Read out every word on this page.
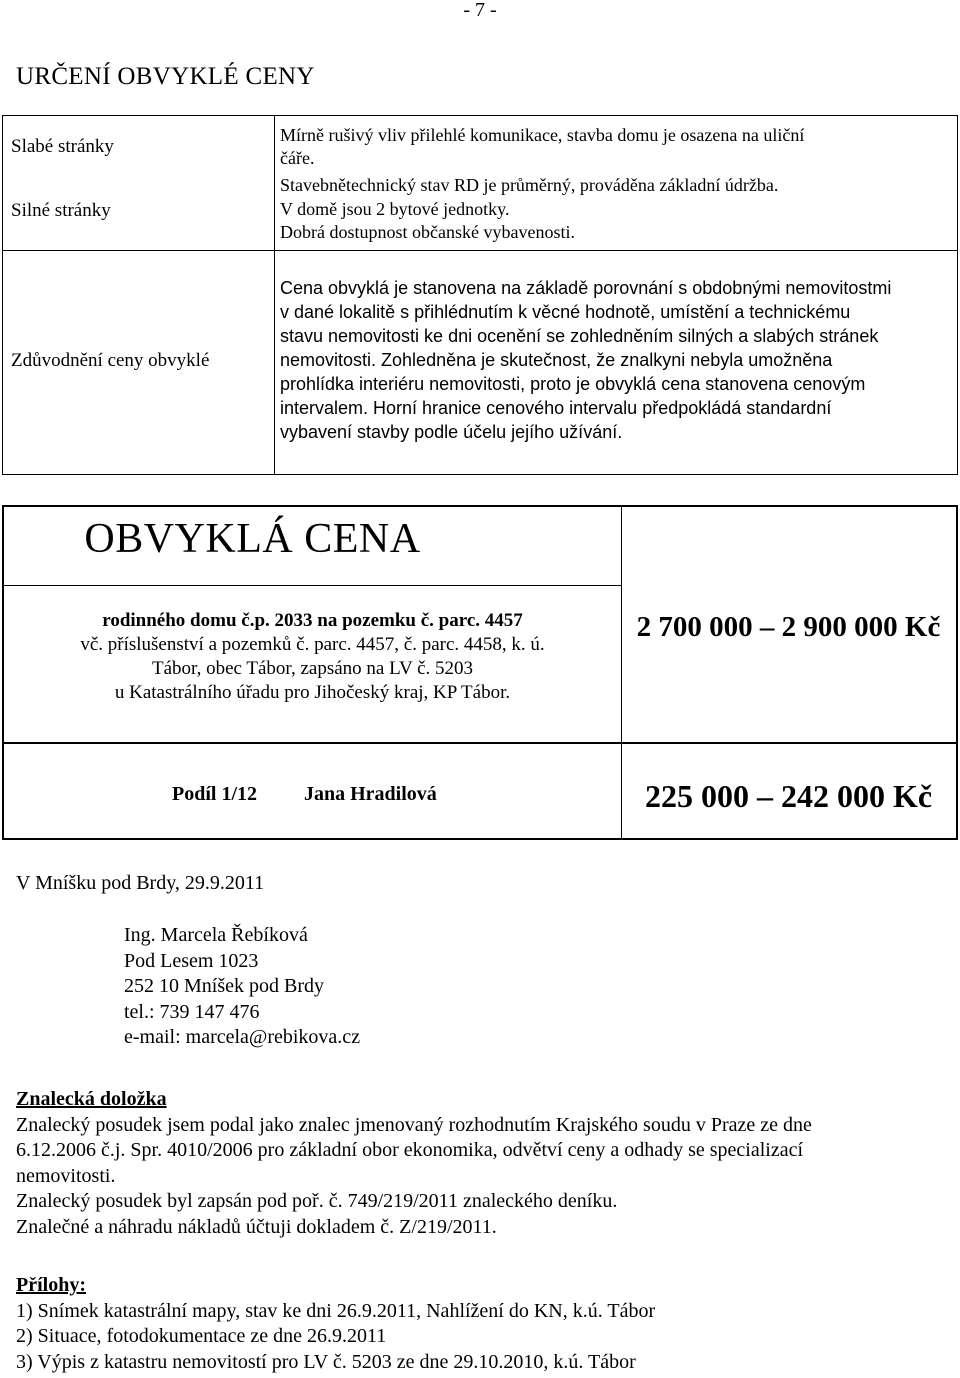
- 7 -
URČENÍ OBVYKLÉ CENY
Slabé stránky
Mírně rušivý vliv přilehlé komunikace, stavba domu je osazena na uliční
čáře.
Silné stránky
Stavebnětechnický stav RD je průměrný, prováděna základní údržba.
V domě jsou 2 bytové jednotky.
Dobrá dostupnost občanské vybavenosti.
Zdůvodnění ceny obvyklé
Cena obvyklá je stanovena na základě porovnání s obdobnými nemovitostmi
v dané lokalitě s přihlédnutím k věcné hodnotě, umístění a technickému
stavu nemovitosti ke dni ocenění se zohledněním silných a slabých stránek
nemovitosti. Zohledněna je skutečnost, že znalkyni nebyla umožněna
prohlídka interiéru nemovitosti, proto je obvyklá cena stanovena cenovým
intervalem. Horní hranice cenového intervalu předpokládá standardní
vybavení stavby podle účelu jejího užívání.
OBVYKLÁ CENA
rodinného domu č.p. 2033 na pozemku č. parc. 4457
vč. příslušenství a pozemků č. parc. 4457, č. parc. 4458, k. ú.
Tábor, obec Tábor, zapsáno na LV č. 5203
u Katastrálního úřadu pro Jihočeský kraj, KP Tábor.
2 700 000 – 2 900 000 Kč
Podíl 1/12 Jana Hradilová	225 000 – 242 000 Kč
V Mníšku pod Brdy, 29.9.2011
Ing. Marcela Řebíková
Pod Lesem 1023
252 10 Mníšek pod Brdy
tel.: 739 147 476
e-mail: marcela@rebikova.cz
Znalecká doložka
Znalecký posudek jsem podal jako znalec jmenovaný rozhodnutím Krajského soudu v Praze ze dne
6.12.2006 č.j. Spr. 4010/2006 pro základní obor ekonomika, odvětví ceny a odhady se specializací
nemovitosti.
Znalecký posudek byl zapsán pod poř. č. 749/219/2011 znaleckého deníku.
Znalečné a náhradu nákladů účtuji dokladem č. Z/219/2011.
Přílohy:
1) Snímek katastrální mapy, stav ke dni 26.9.2011, Nahlížení do KN, k.ú. Tábor
2) Situace, fotodokumentace ze dne 26.9.2011
3) Výpis z katastru nemovitostí pro LV č. 5203 ze dne 29.10.2010, k.ú. Tábor
